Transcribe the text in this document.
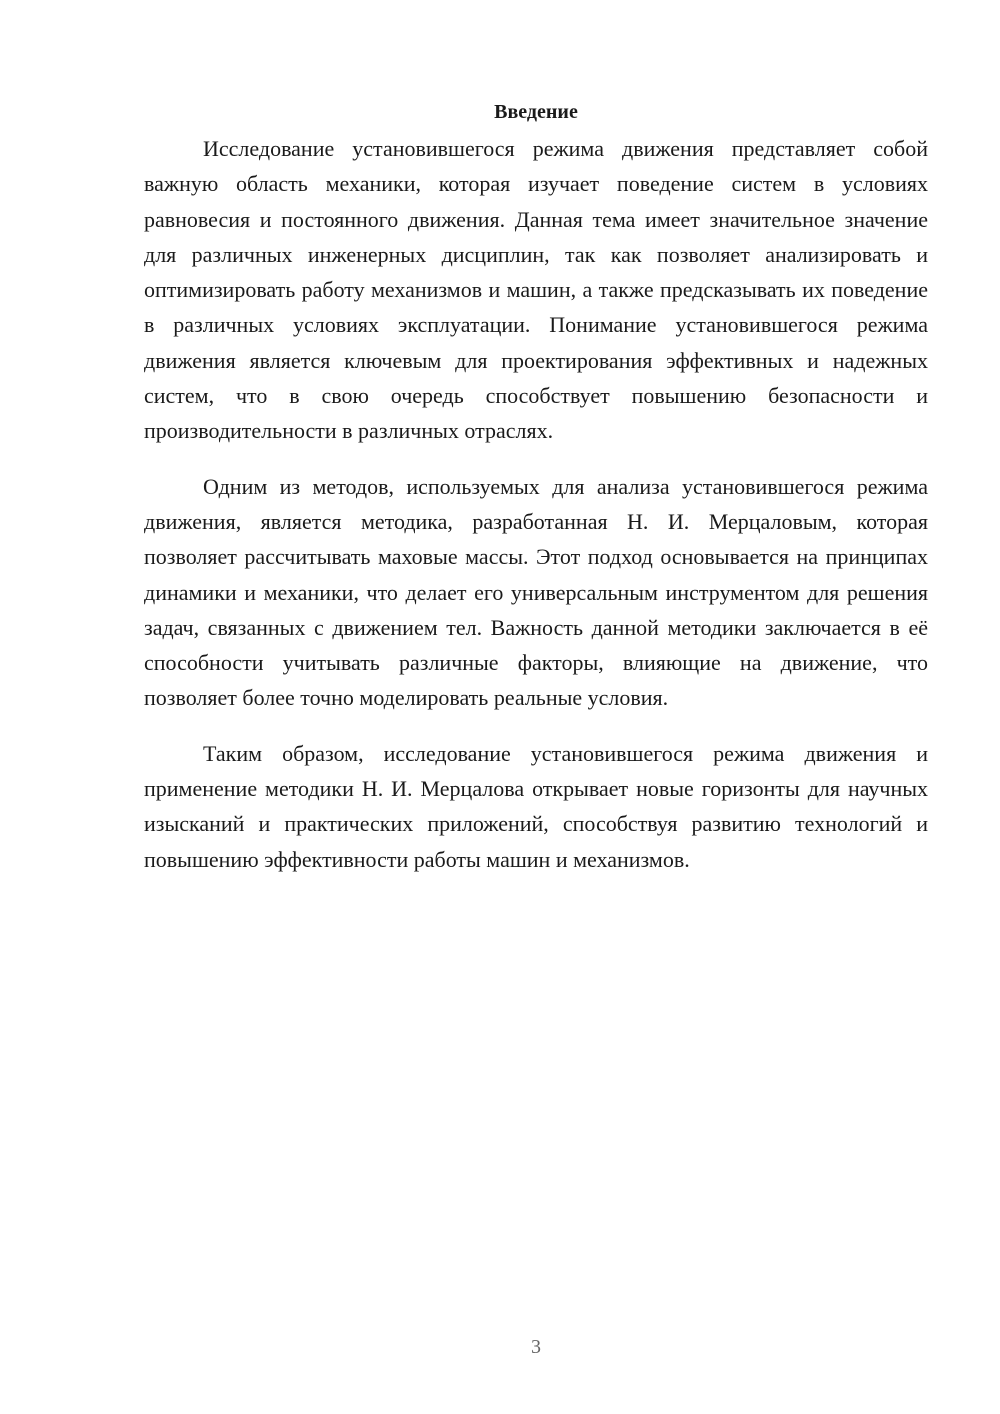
Введение

Исследование установившегося режима движения представляет собой важную область механики, которая изучает поведение систем в условиях равновесия и постоянного движения. Данная тема имеет значительное значение для различных инженерных дисциплин, так как позволяет анализировать и оптимизировать работу механизмов и машин, а также предсказывать их поведение в различных условиях эксплуатации. Понимание установившегося режима движения является ключевым для проектирования эффективных и надежных систем, что в свою очередь способствует повышению безопасности и производительности в различных отраслях.

Одним из методов, используемых для анализа установившегося режима движения, является методика, разработанная Н. И. Мерцаловым, которая позволяет рассчитывать маховые массы. Этот подход основывается на принципах динамики и механики, что делает его универсальным инструментом для решения задач, связанных с движением тел. Важность данной методики заключается в её способности учитывать различные факторы, влияющие на движение, что позволяет более точно моделировать реальные условия.

Таким образом, исследование установившегося режима движения и применение методики Н. И. Мерцалова открывает новые горизонты для научных изысканий и практических приложений, способствуя развитию технологий и повышению эффективности работы машин и механизмов.

3
